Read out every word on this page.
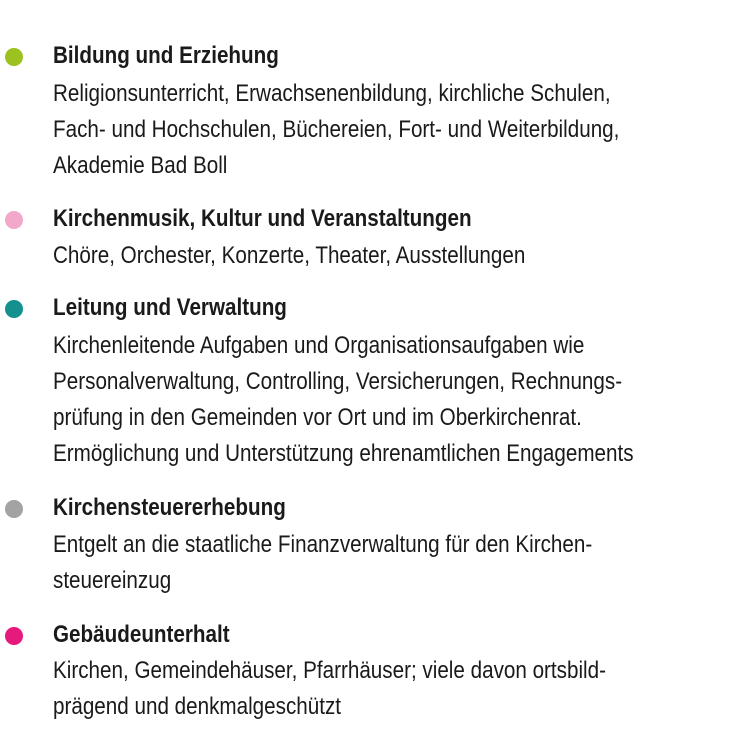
Bildung und Erziehung
Religionsunterricht, Erwachsenenbildung, kirchliche Schulen,
Fach- und Hochschulen, Büchereien, Fort- und Weiterbildung,
Akademie Bad Boll
Kirchenmusik, Kultur und Veranstaltungen
Chöre, Orchester, Konzerte, Theater, Ausstellungen
Leitung und Verwaltung
Kirchenleitende Aufgaben und Organisationsaufgaben wie
Personalverwaltung, Controlling, Versicherungen, Rechnungs-
prüfung in den Gemeinden vor Ort und im Oberkirchenrat.
Ermöglichung und Unterstützung ehrenamtlichen Engagements
Kirchensteuererhebung
Entgelt an die staatliche Finanzverwaltung für den Kirchen-
steuereinzug
Gebäudeunterhalt
Kirchen, Gemeindehäuser, Pfarrhäuser; viele davon ortsbild-
prägend und denkmalgeschützt
